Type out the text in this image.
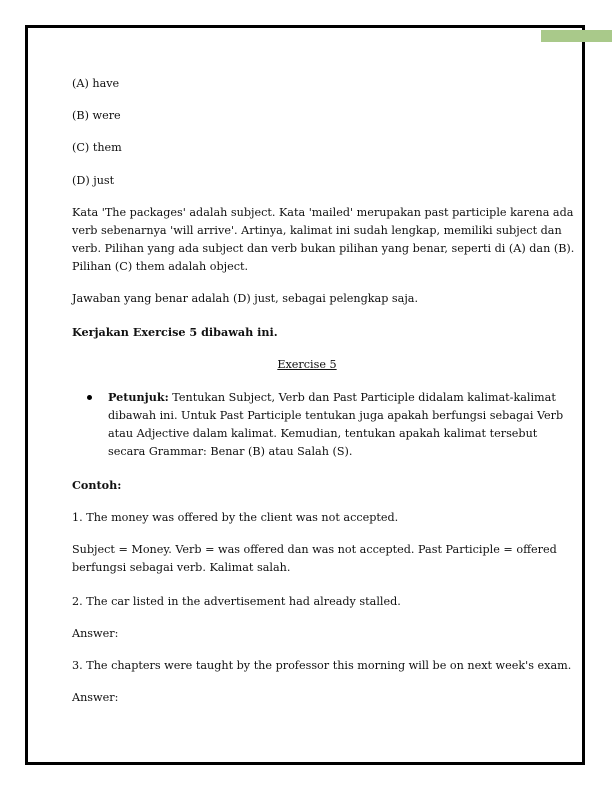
(A) have

(B) were

(C) them

(D) just

Kata 'The packages' adalah subject. Kata 'mailed' merupakan past participle karena ada

verb sebenarnya 'will arrive'. Artinya, kalimat ini sudah lengkap, memiliki subject dan

verb. Pilihan yang ada subject dan verb bukan pilihan yang benar, seperti di (A) dan (B).

Pilihan (C) them adalah object.

Jawaban yang benar adalah (D) just, sebagai pelengkap saja.

Kerjakan Exercise 5 dibawah ini.

Exercise 5

Petunjuk: Tentukan Subject, Verb dan Past Participle didalam kalimat-kalimat

dibawah ini. Untuk Past Participle tentukan juga apakah berfungsi sebagai Verb

atau Adjective dalam kalimat. Kemudian, tentukan apakah kalimat tersebut

secara Grammar: Benar (B) atau Salah (S).

Contoh:

1. The money was offered by the client was not accepted.

Subject = Money. Verb = was offered dan was not accepted. Past Participle = offered

berfungsi sebagai verb. Kalimat salah.

2. The car listed in the advertisement had already stalled.

Answer:

3. The chapters were taught by the professor this morning will be on next week's exam.

Answer:
